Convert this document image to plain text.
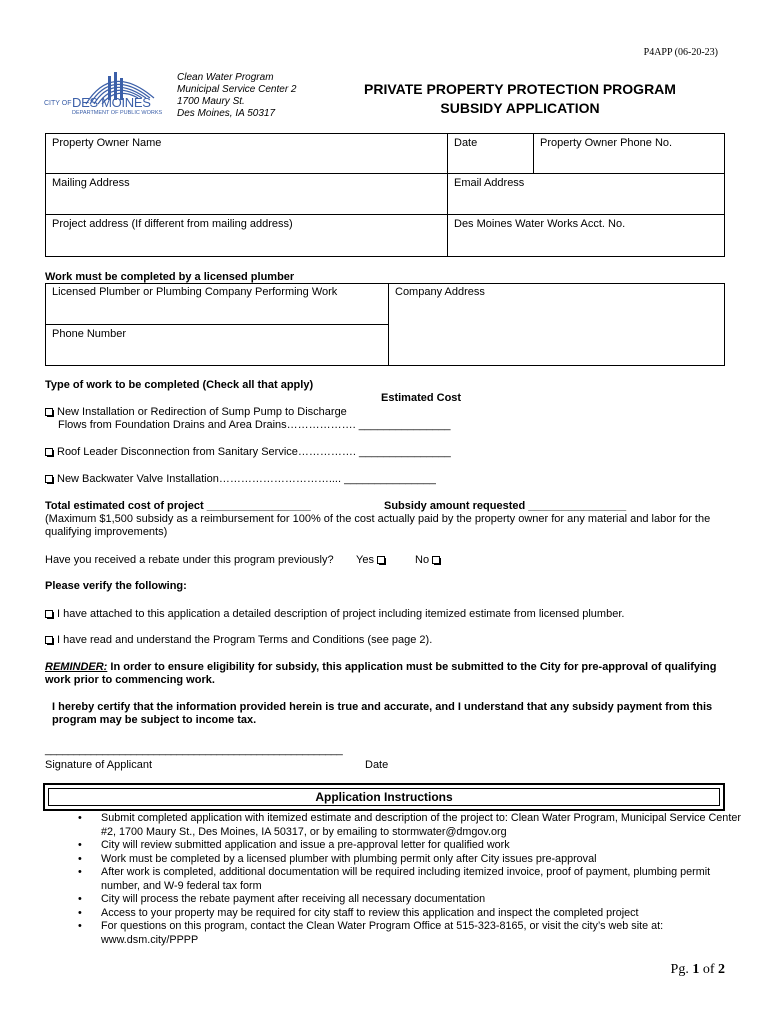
P4APP (06-20-23)
CITY OF DES MOINES
DEPARTMENT OF PUBLIC WORKS
Clean Water Program
Municipal Service Center 2
1700 Maury St.
Des Moines, IA 50317
PRIVATE PROPERTY PROTECTION PROGRAM
SUBSIDY APPLICATION
Property Owner Name	Date	Property Owner Phone No.
Mailing Address	Email Address
Project address (If different from mailing address)	Des Moines Water Works Acct. No.
Work must be completed by a licensed plumber
Licensed Plumber or Plumbing Company Performing Work	Company Address
Phone Number
Type of work to be completed (Check all that apply)
Estimated Cost
New Installation or Redirection of Sump Pump to Discharge
Flows from Foundation Drains and Area Drains………………. _______________
Roof Leader Disconnection from Sanitary Service……………. _______________
New Backwater Valve Installation………………………….... _______________
Total estimated cost of project _________________	Subsidy amount requested ________________
(Maximum $1,500 subsidy as a reimbursement for 100% of the cost actually paid by the property owner for any material and labor for the qualifying improvements)
Have you received a rebate under this program previously? Yes	No
Please verify the following:
I have attached to this application a detailed description of project including itemized estimate from licensed plumber.
I have read and understand the Program Terms and Conditions (see page 2).
REMINDER: In order to ensure eligibility for subsidy, this application must be submitted to the City for pre-approval of qualifying work prior to commencing work.
I hereby certify that the information provided herein is true and accurate, and I understand that any subsidy payment from this program may be subject to income tax.
____________________________________________________
Signature of Applicant	Date
Application Instructions
• Submit completed application with itemized estimate and description of the project to: Clean Water Program, Municipal Service Center #2, 1700 Maury St., Des Moines, IA 50317, or by emailing to stormwater@dmgov.org
• City will review submitted application and issue a pre-approval letter for qualified work
• Work must be completed by a licensed plumber with plumbing permit only after City issues pre-approval
• After work is completed, additional documentation will be required including itemized invoice, proof of payment, plumbing permit number, and W-9 federal tax form
• City will process the rebate payment after receiving all necessary documentation
• Access to your property may be required for city staff to review this application and inspect the completed project
• For questions on this program, contact the Clean Water Program Office at 515-323-8165, or visit the city’s web site at: www.dsm.city/PPPP
Pg. 1 of 2
